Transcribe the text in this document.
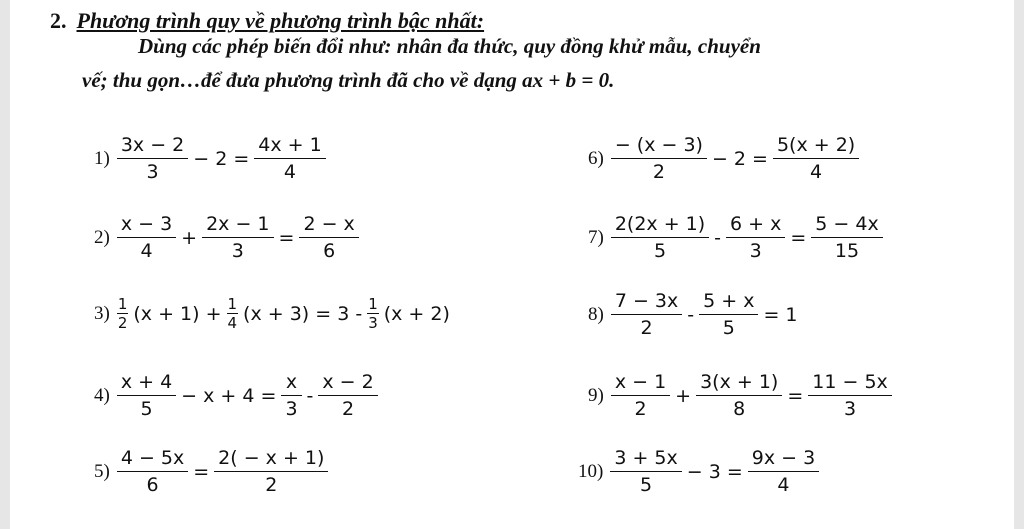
2. Phương trình quy về phương trình bậc nhất:
Dùng các phép biến đổi như: nhân đa thức, quy đồng khử mẫu, chuyển
vế; thu gọn…để đưa phương trình đã cho về dạng ax + b = 0.
$1) \frac{3x - 2}{3} - 2 = \frac{4x + 1}{4}$
$2) \frac{x - 3}{4} + \frac{2x - 1}{3} = \frac{2 - x}{6}$
$3) \frac{1}{2} (x + 1) + \frac{1}{4} (x + 3) = 3 - \frac{1}{3} (x + 2)$
$4) \frac{x + 4}{5} - x + 4 = \frac{x}{3} - \frac{x - 2}{2}$
$5) \frac{4 - 5x}{6} = \frac{2( - x + 1)}{2}$
$6) \frac{- (x - 3)}{2} - 2 = \frac{5(x + 2)}{4}$
$7) \frac{2(2x + 1)}{5} - \frac{6 + x}{3} = \frac{5 - 4x}{15}$
$8) \frac{7 - 3x}{2} - \frac{5 + x}{5} = 1$
$9) \frac{x - 1}{2} + \frac{3(x + 1)}{8} = \frac{11 - 5x}{3}$
$10) \frac{3 + 5x}{5} - 3 = \frac{9x - 3}{4}$
